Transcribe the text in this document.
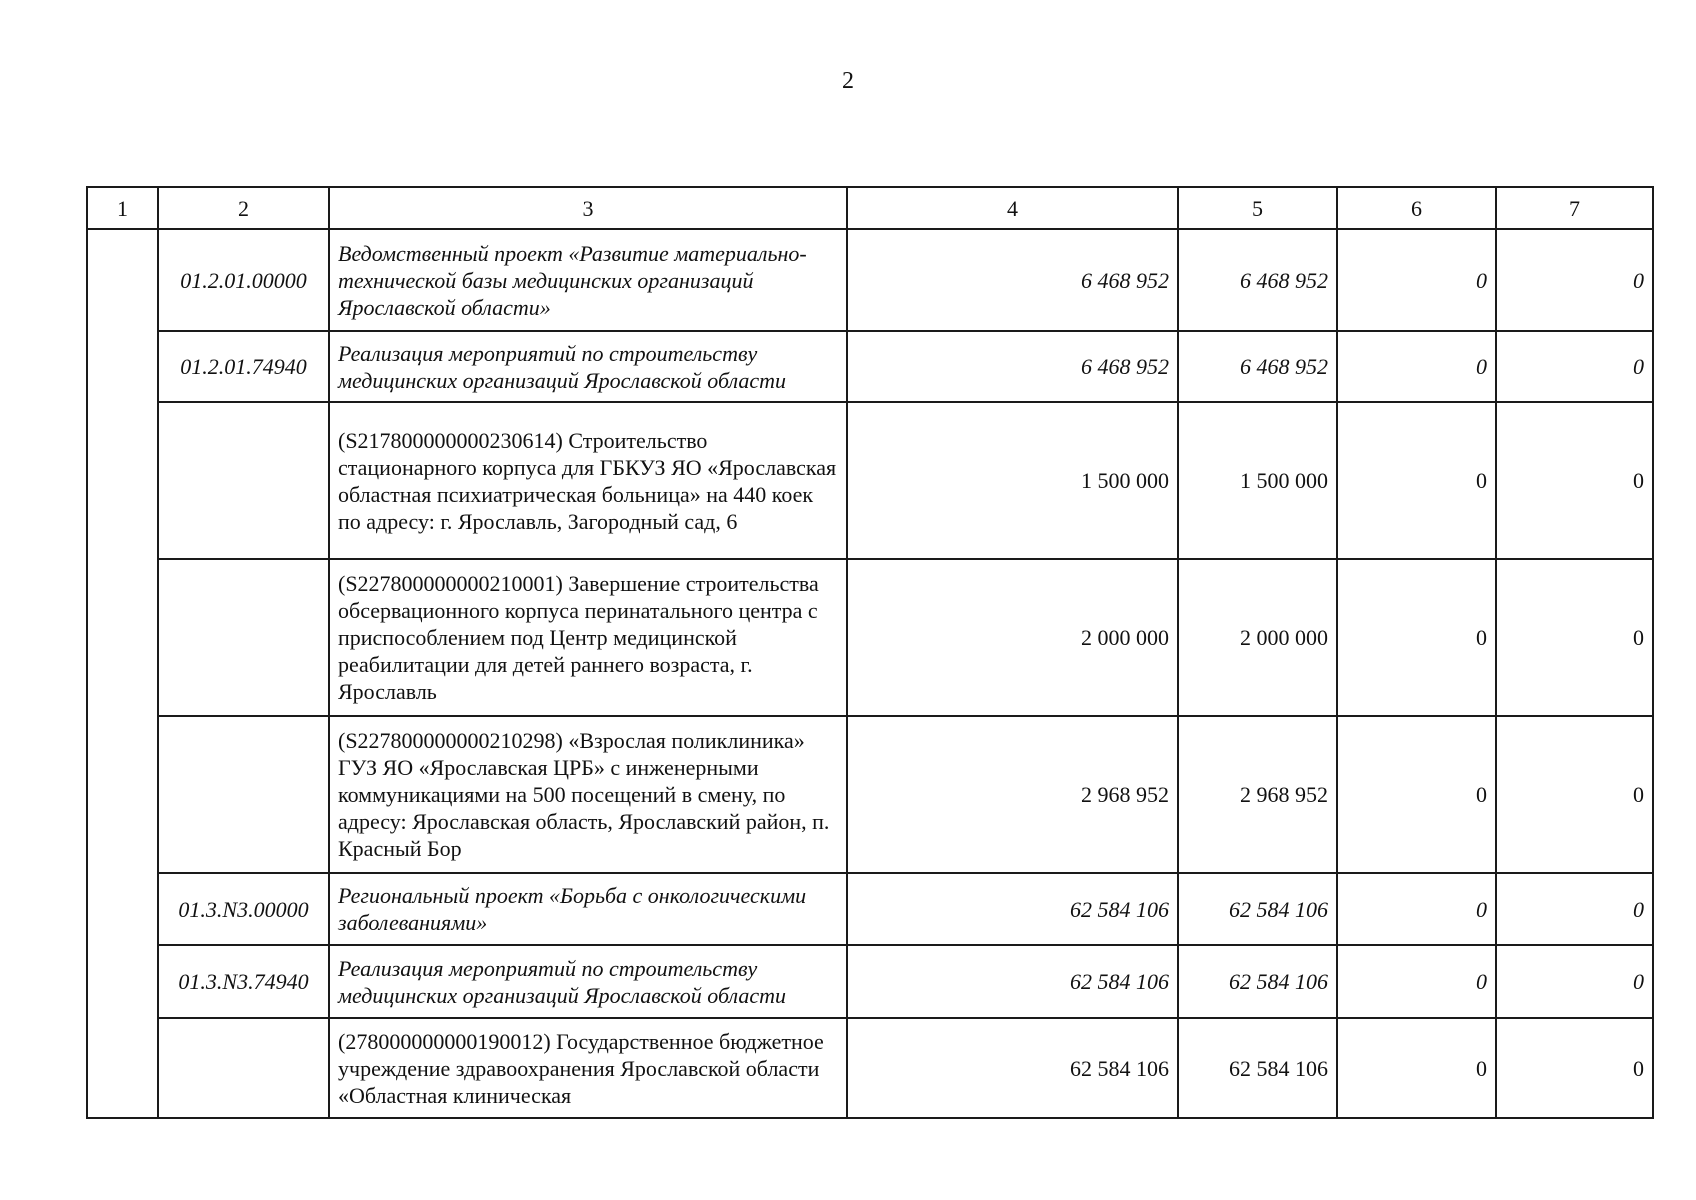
2
1	2	3	4	5	6	7
	01.2.01.00000	Ведомственный проект «Развитие материально-технической базы медицинских организаций Ярославской области»	6 468 952	6 468 952	0	0
	01.2.01.74940	Реализация мероприятий по строительству медицинских организаций Ярославской области	6 468 952	6 468 952	0	0
		(S217800000000230614) Строительство стационарного корпуса для ГБКУЗ ЯО «Ярославская областная психиатрическая больница» на 440 коек по адресу: г. Ярославль, Загородный сад, 6	1 500 000	1 500 000	0	0
		(S227800000000210001) Завершение строительства обсервационного корпуса перинатального центра с приспособлением под Центр медицинской реабилитации для детей раннего возраста, г. Ярославль	2 000 000	2 000 000	0	0
		(S227800000000210298) «Взрослая поликлиника» ГУЗ ЯО «Ярославская ЦРБ» с инженерными коммуникациями на 500 посещений в смену, по адресу: Ярославская область, Ярославский район, п. Красный Бор	2 968 952	2 968 952	0	0
	01.3.N3.00000	Региональный проект «Борьба с онкологическими заболеваниями»	62 584 106	62 584 106	0	0
	01.3.N3.74940	Реализация мероприятий по строительству медицинских организаций Ярославской области	62 584 106	62 584 106	0	0
		(278000000000190012) Государственное бюджетное учреждение здравоохранения Ярославской области «Областная клиническая	62 584 106	62 584 106	0	0
